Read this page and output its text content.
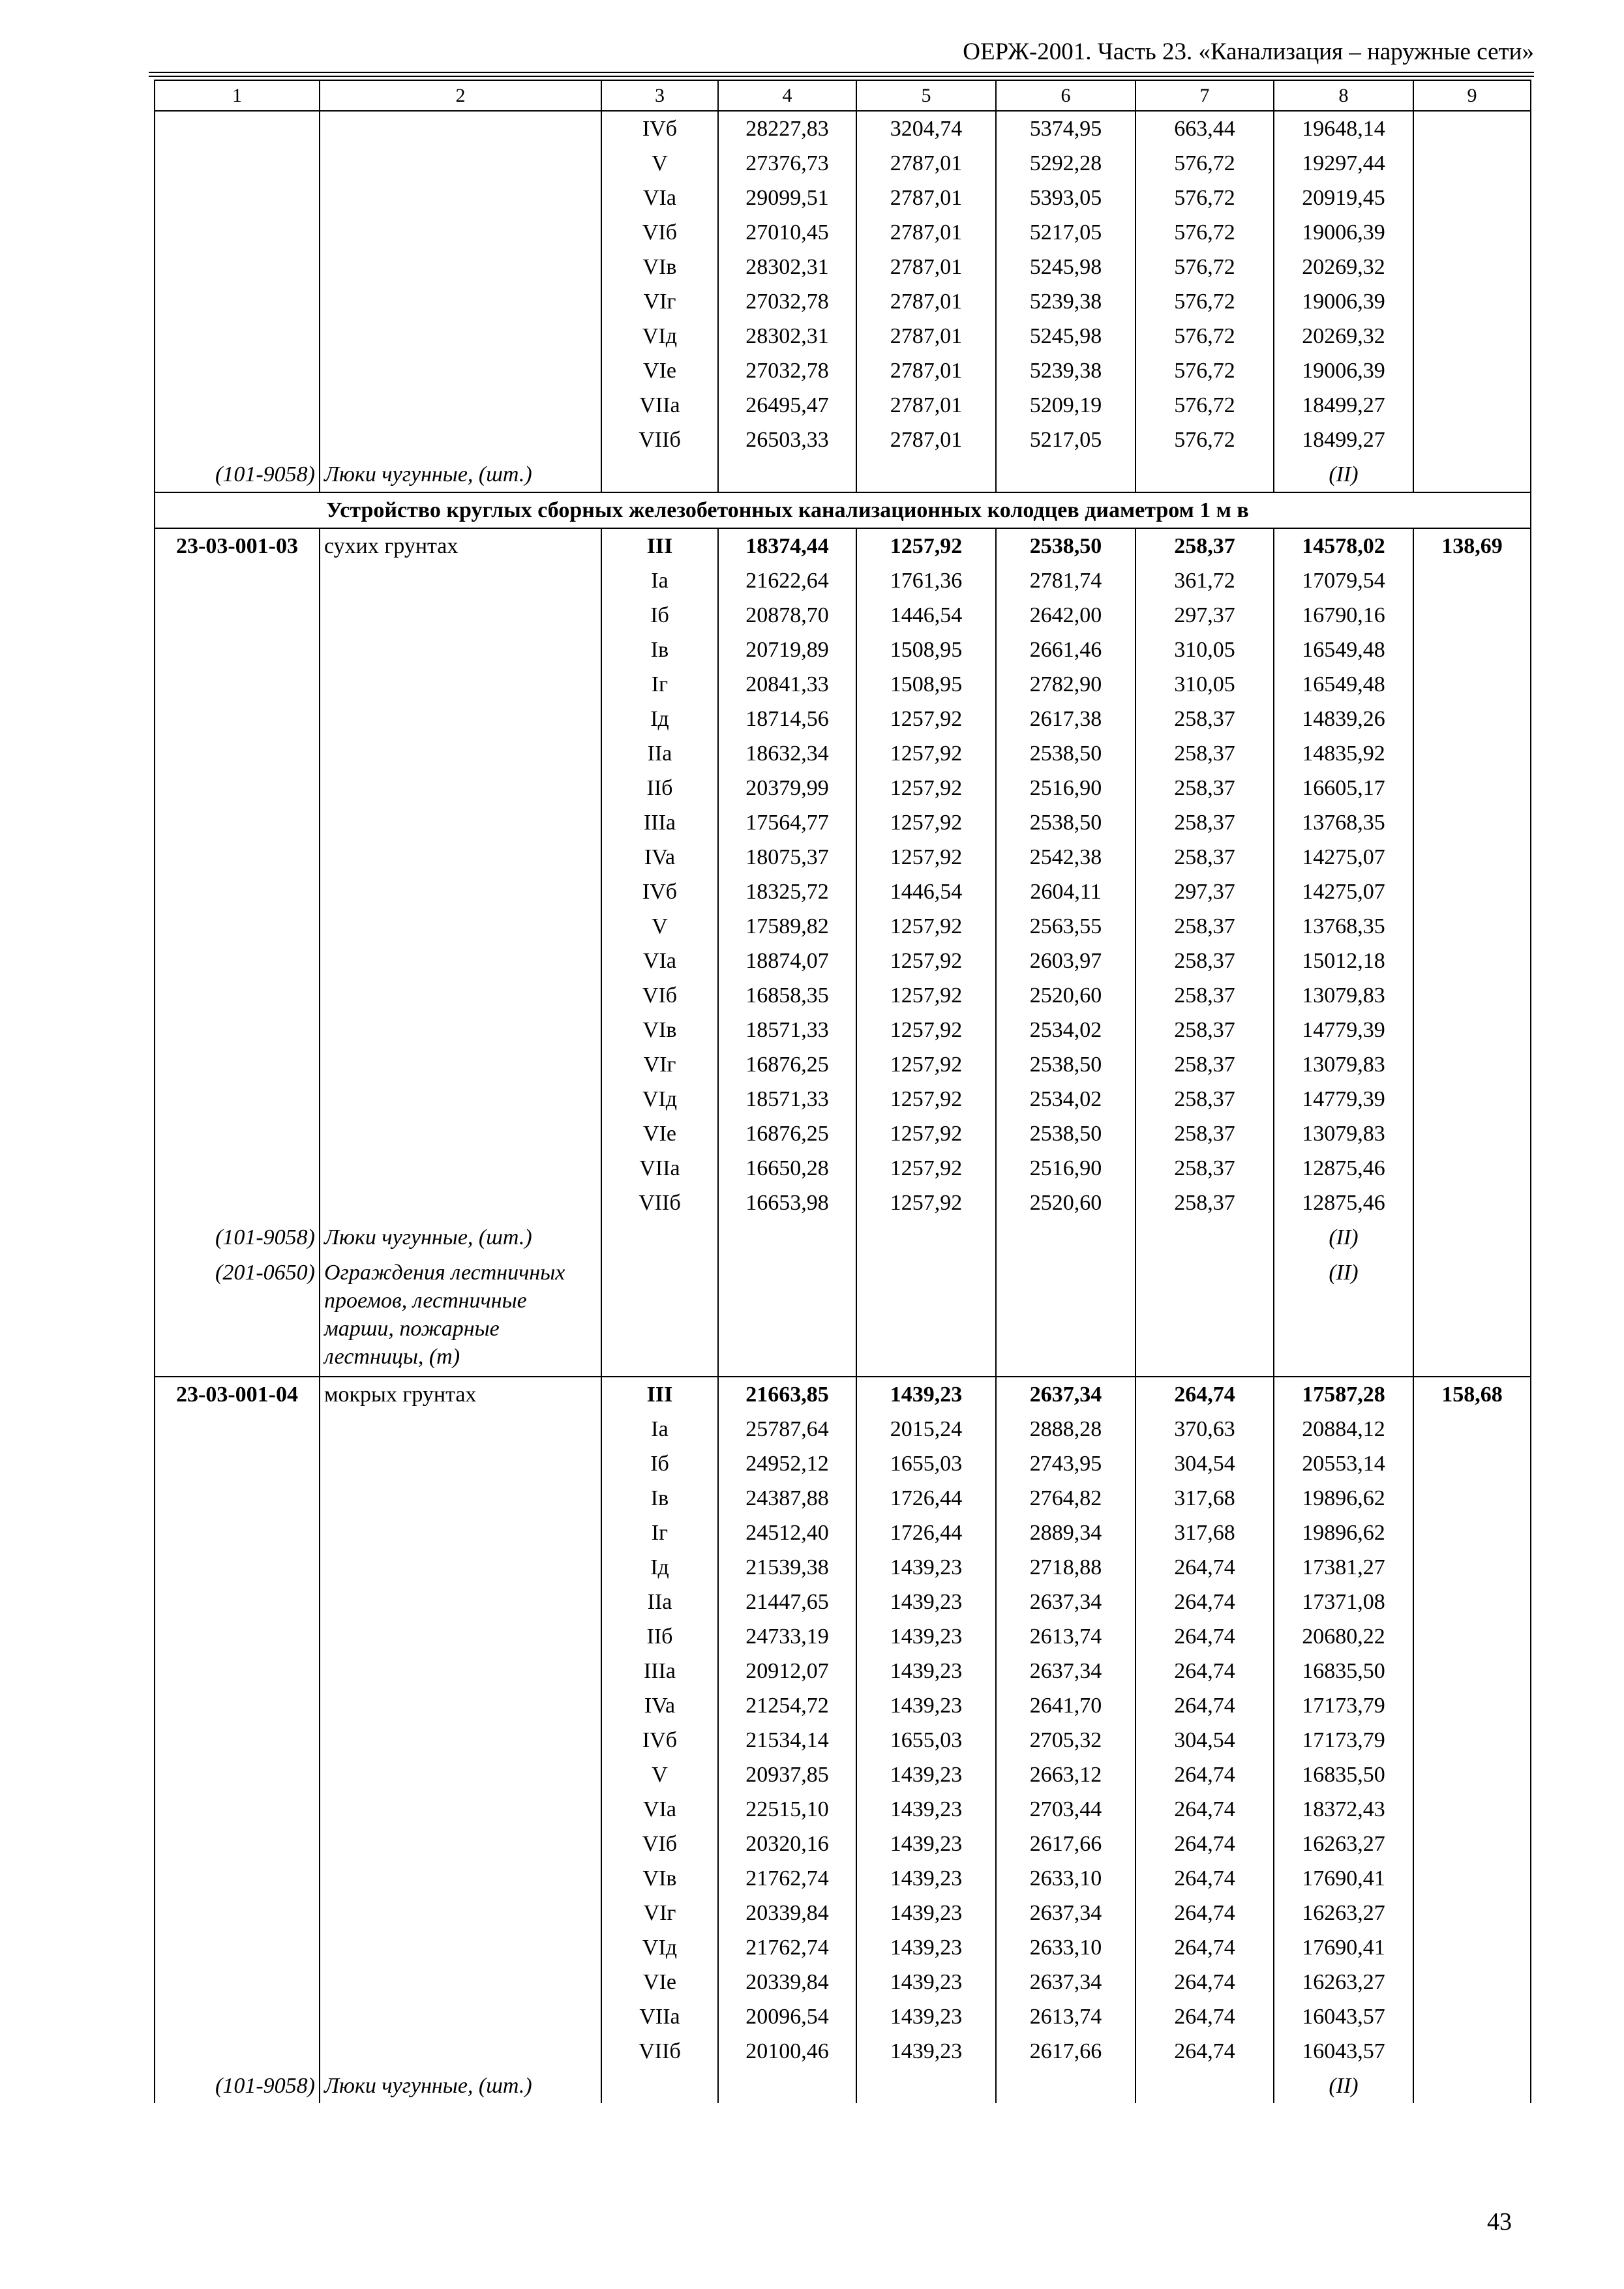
ОЕРЖ-2001. Часть 23. «Канализация – наружные сети»
1	2	3	4	5	6	7	8	9
		IVб	28227,83	3204,74	5374,95	663,44	19648,14	
		V	27376,73	2787,01	5292,28	576,72	19297,44	
		VIa	29099,51	2787,01	5393,05	576,72	20919,45	
		VIб	27010,45	2787,01	5217,05	576,72	19006,39	
		VIв	28302,31	2787,01	5245,98	576,72	20269,32	
		VIг	27032,78	2787,01	5239,38	576,72	19006,39	
		VIд	28302,31	2787,01	5245,98	576,72	20269,32	
		VIe	27032,78	2787,01	5239,38	576,72	19006,39	
		VIIa	26495,47	2787,01	5209,19	576,72	18499,27	
		VIIб	26503,33	2787,01	5217,05	576,72	18499,27	
(101-9058)	Люки чугунные, (шт.)						(II)	
	Устройство круглых сборных железобетонных канализационных колодцев диаметром 1 м в							
23-03-001-03	сухих грунтах	III	18374,44	1257,92	2538,50	258,37	14578,02	138,69
		Ia	21622,64	1761,36	2781,74	361,72	17079,54	
		Iб	20878,70	1446,54	2642,00	297,37	16790,16	
		Iв	20719,89	1508,95	2661,46	310,05	16549,48	
		Iг	20841,33	1508,95	2782,90	310,05	16549,48	
		Iд	18714,56	1257,92	2617,38	258,37	14839,26	
		IIa	18632,34	1257,92	2538,50	258,37	14835,92	
		IIб	20379,99	1257,92	2516,90	258,37	16605,17	
		IIIa	17564,77	1257,92	2538,50	258,37	13768,35	
		IVa	18075,37	1257,92	2542,38	258,37	14275,07	
		IVб	18325,72	1446,54	2604,11	297,37	14275,07	
		V	17589,82	1257,92	2563,55	258,37	13768,35	
		VIa	18874,07	1257,92	2603,97	258,37	15012,18	
		VIб	16858,35	1257,92	2520,60	258,37	13079,83	
		VIв	18571,33	1257,92	2534,02	258,37	14779,39	
		VIг	16876,25	1257,92	2538,50	258,37	13079,83	
		VIд	18571,33	1257,92	2534,02	258,37	14779,39	
		VIe	16876,25	1257,92	2538,50	258,37	13079,83	
		VIIa	16650,28	1257,92	2516,90	258,37	12875,46	
		VIIб	16653,98	1257,92	2520,60	258,37	12875,46	
(101-9058)	Люки чугунные, (шт.)						(II)	
(201-0650)	Ограждения лестничных проемов, лестничные марши, пожарные лестницы, (т)						(II)	
23-03-001-04	мокрых грунтах	III	21663,85	1439,23	2637,34	264,74	17587,28	158,68
		Ia	25787,64	2015,24	2888,28	370,63	20884,12	
		Iб	24952,12	1655,03	2743,95	304,54	20553,14	
		Iв	24387,88	1726,44	2764,82	317,68	19896,62	
		Iг	24512,40	1726,44	2889,34	317,68	19896,62	
		Iд	21539,38	1439,23	2718,88	264,74	17381,27	
		IIa	21447,65	1439,23	2637,34	264,74	17371,08	
		IIб	24733,19	1439,23	2613,74	264,74	20680,22	
		IIIa	20912,07	1439,23	2637,34	264,74	16835,50	
		IVa	21254,72	1439,23	2641,70	264,74	17173,79	
		IVб	21534,14	1655,03	2705,32	304,54	17173,79	
		V	20937,85	1439,23	2663,12	264,74	16835,50	
		VIa	22515,10	1439,23	2703,44	264,74	18372,43	
		VIб	20320,16	1439,23	2617,66	264,74	16263,27	
		VIв	21762,74	1439,23	2633,10	264,74	17690,41	
		VIг	20339,84	1439,23	2637,34	264,74	16263,27	
		VIд	21762,74	1439,23	2633,10	264,74	17690,41	
		VIe	20339,84	1439,23	2637,34	264,74	16263,27	
		VIIa	20096,54	1439,23	2613,74	264,74	16043,57	
		VIIб	20100,46	1439,23	2617,66	264,74	16043,57	
(101-9058)	Люки чугунные, (шт.)						(II)	
43
